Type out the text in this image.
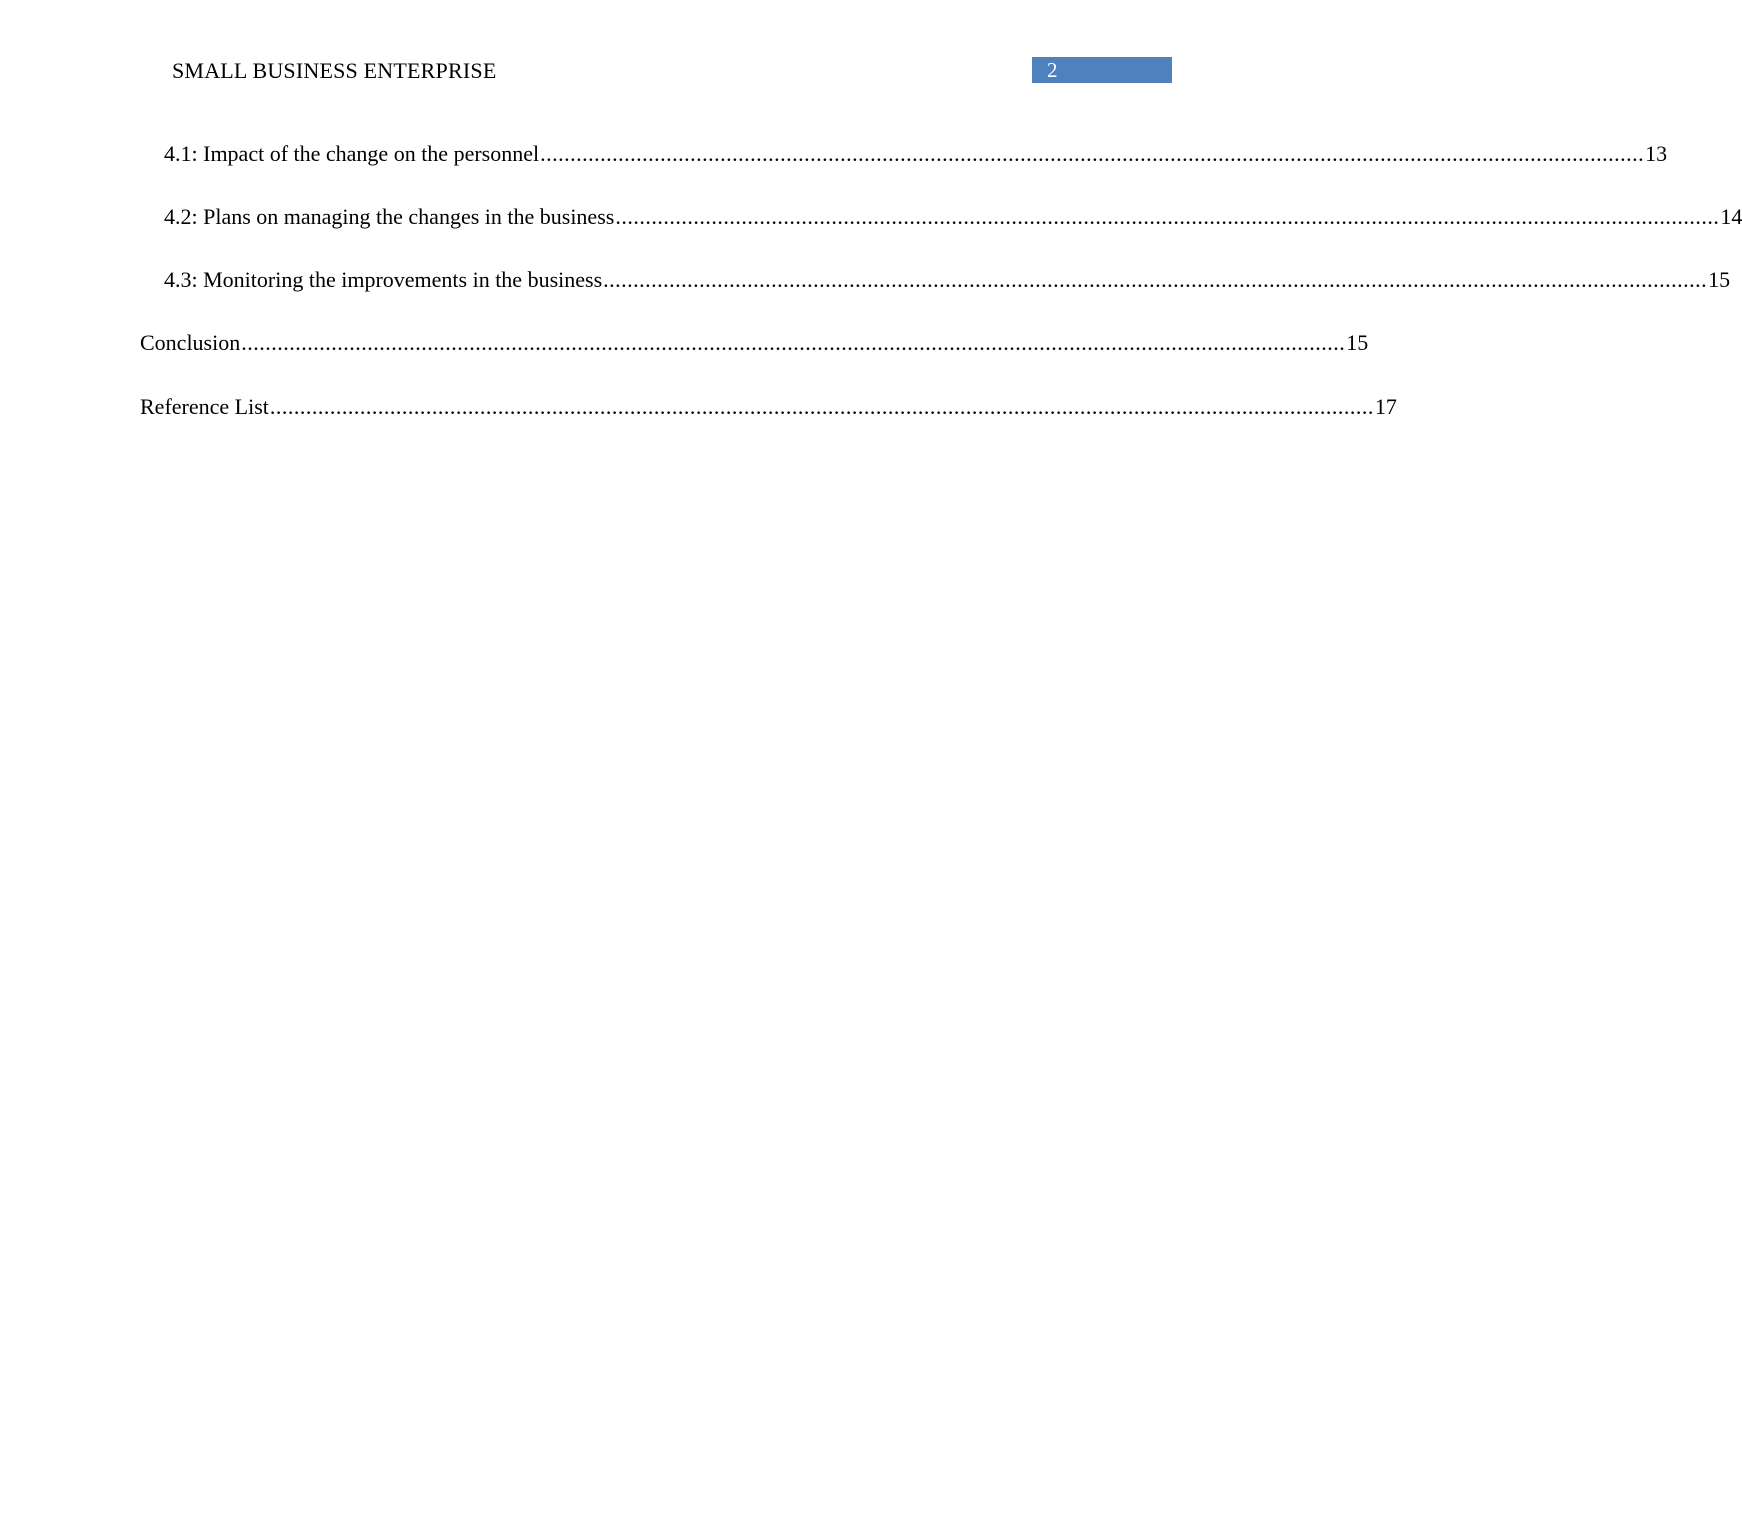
SMALL BUSINESS ENTERPRISE	2
4.1: Impact of the change on the personnel ........................................................................................................................................................................................ 13
4.2: Plans on managing the changes in the business ........................................................................................................................................................................................ 14
4.3: Monitoring the improvements in the business ........................................................................................................................................................................................ 15
Conclusion ........................................................................................................................................................................................ 15
Reference List ........................................................................................................................................................................................ 17
